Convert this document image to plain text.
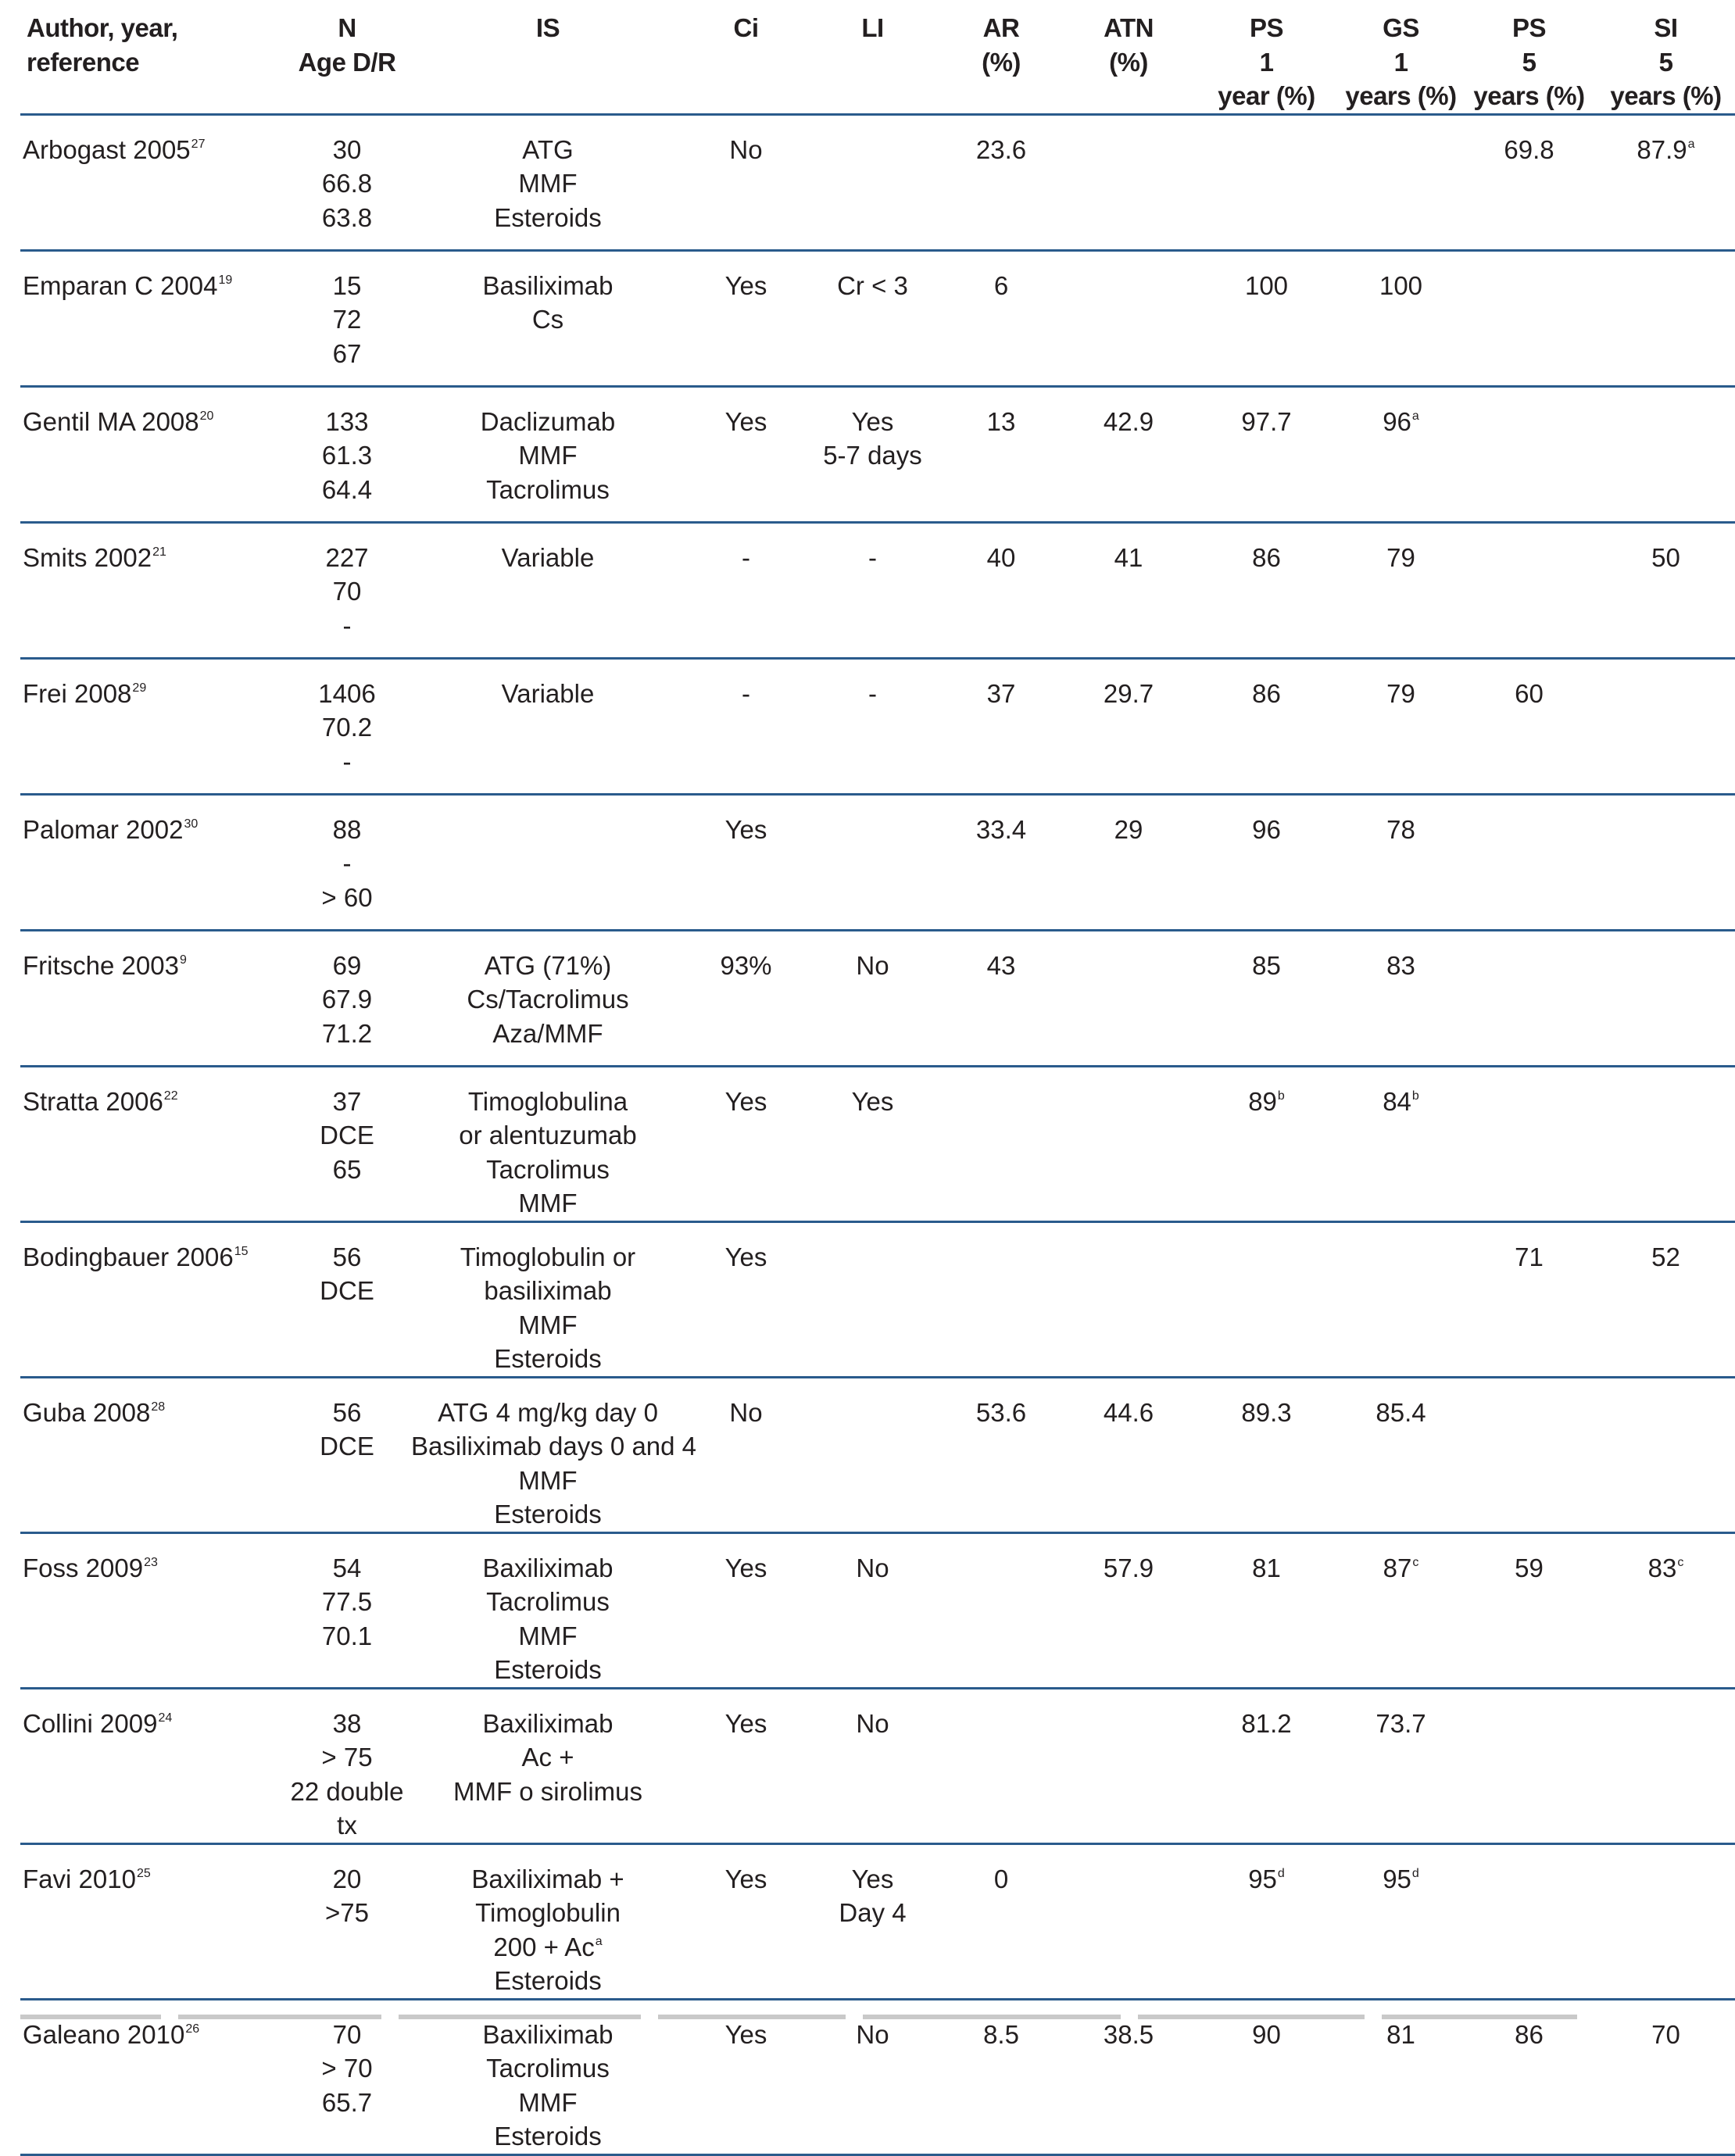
Author, year,
reference	N
Age D/R	IS	Ci	LI	AR
(%)	ATN
(%)	PS
1
year (%)	GS
1
years (%)	PS
5
years (%)	SI
5
years (%)

Arbogast 2005$^{27}$	30
66.8
63.8	ATG
MMF
Esteroids	No		23.6				69.8	87.9$^a$
Emparan C 2004$^{19}$	15
72
67	Basiliximab
Cs	Yes	Cr < 3	6		100	100		
Gentil MA 2008$^{20}$	133
61.3
64.4	Daclizumab
MMF
Tacrolimus	Yes	Yes
5-7 days	13	42.9	97.7	96$^a$		
Smits 2002$^{21}$	227
70
-	Variable	-	-	40	41	86	79		50
Frei 2008$^{29}$	1406
70.2
-	Variable	-	-	37	29.7	86	79	60	
Palomar 2002$^{30}$	88
-
> 60		Yes		33.4	29	96	78		
Fritsche 2003$^9$	69
67.9
71.2	ATG (71%)
Cs/Tacrolimus
Aza/MMF	93%	No	43		85	83		
Stratta 2006$^{22}$	37
DCE
65	Timoglobulina
or alentuzumab
Tacrolimus
MMF	Yes	Yes			89$^b$	84$^b$		
Bodingbauer 2006$^{15}$	56
DCE	Timoglobulin or
basiliximab
MMF
Esteroids	Yes						71	52
Guba 2008$^{28}$	56
DCE	ATG 4 mg/kg day 0
Basiliximab days 0 and 4
MMF
Esteroids	No		53.6	44.6	89.3	85.4		
Foss 2009$^{23}$	54
77.5
70.1	Baxiliximab
Tacrolimus
MMF
Esteroids	Yes	No		57.9	81	87$^c$	59	83$^c$
Collini 2009$^{24}$	38
> 75
22 double
tx	Baxiliximab
Ac +
MMF o sirolimus	Yes	No			81.2	73.7		
Favi 2010$^{25}$	20
>75	Baxiliximab +
Timoglobulin
$200 + Ac^a$
Esteroids	Yes	Yes
Day 4	0		95$^d$	95$^d$		
Galeano 2010$^{26}$	70
> 70
65.7	Baxiliximab
Tacrolimus
MMF
Esteroids	Yes	No	8.5	38.5	90	81	86	70
